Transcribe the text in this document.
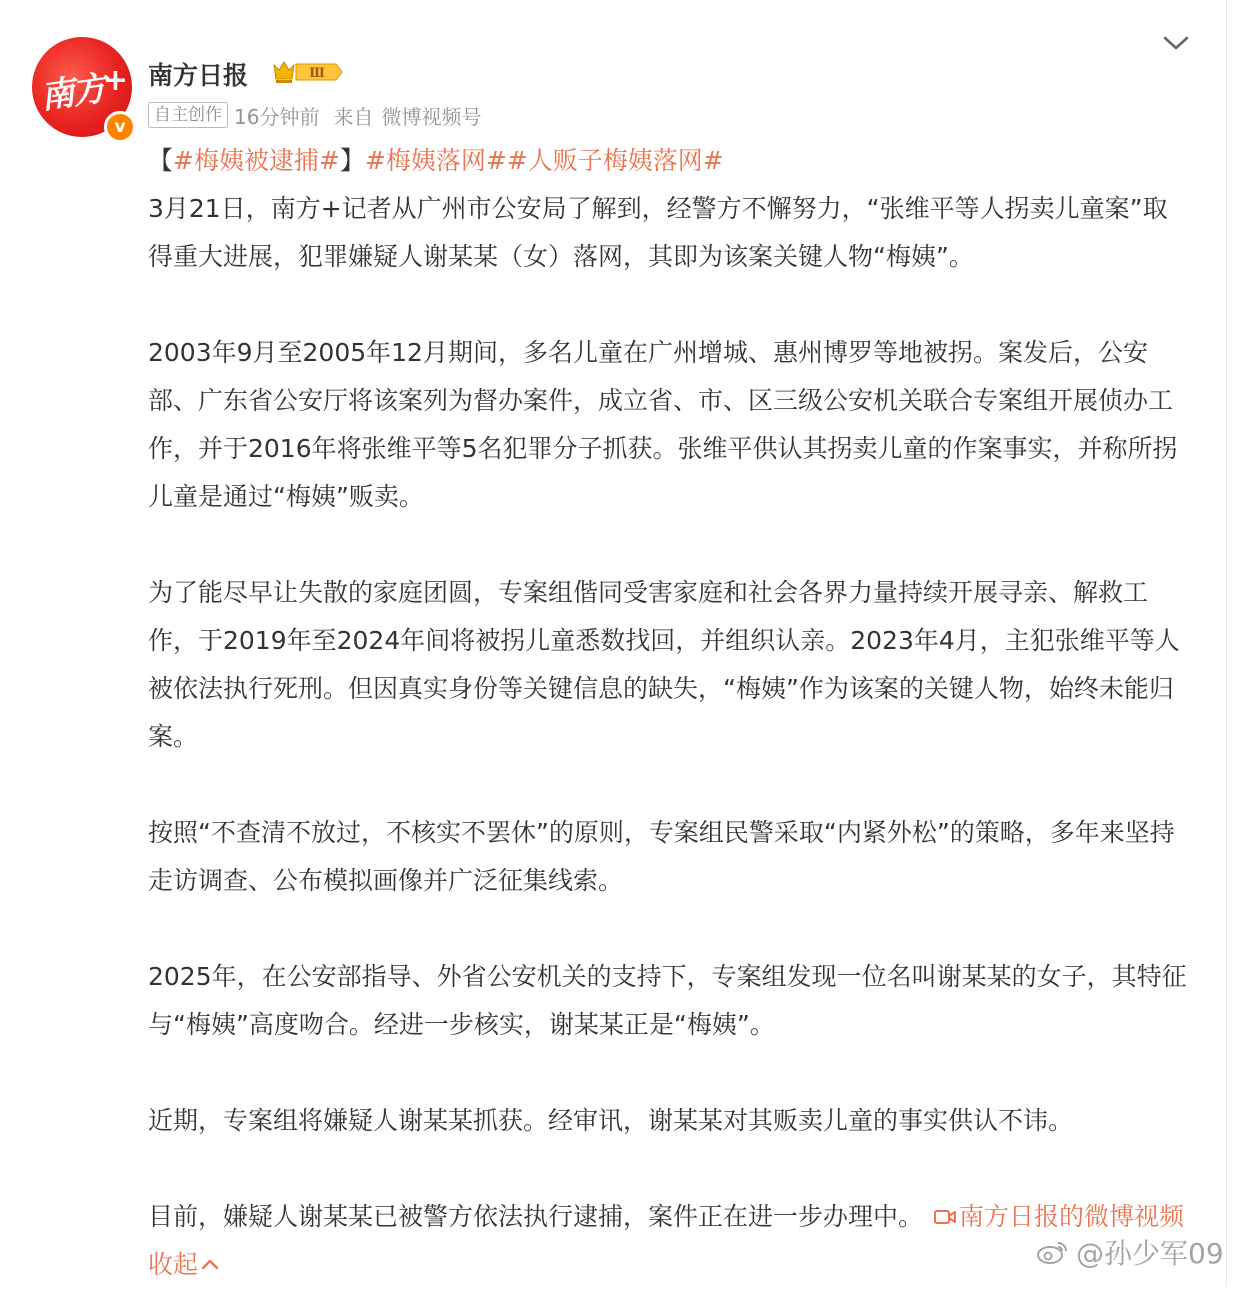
南方
+
v
南方日报	Ⅲ
自主创作 16分钟前 来自 微博视频号

【#梅姨被逮捕#】#梅姨落网##人贩子梅姨落网#

3月21日，南方+记者从广州市公安局了解到，经警方不懈努力，“张维平等人拐卖儿童案”取得重大进展，犯罪嫌疑人谢某某（女）落网，其即为该案关键人物“梅姨”。

2003年9月至2005年12月期间，多名儿童在广州增城、惠州博罗等地被拐。案发后，公安部、广东省公安厅将该案列为督办案件，成立省、市、区三级公安机关联合专案组开展侦办工作，并于2016年将张维平等5名犯罪分子抓获。张维平供认其拐卖儿童的作案事实，并称所拐儿童是通过“梅姨”贩卖。

为了能尽早让失散的家庭团圆，专案组偕同受害家庭和社会各界力量持续开展寻亲、解救工作，于2019年至2024年间将被拐儿童悉数找回，并组织认亲。2023年4月，主犯张维平等人被依法执行死刑。但因真实身份等关键信息的缺失，“梅姨”作为该案的关键人物，始终未能归案。

按照“不查清不放过，不核实不罢休”的原则，专案组民警采取“内紧外松”的策略，多年来坚持走访调查、公布模拟画像并广泛征集线索。

2025年，在公安部指导、外省公安机关的支持下，专案组发现一位名叫谢某某的女子，其特征与“梅姨”高度吻合。经进一步核实，谢某某正是“梅姨”。

近期，专案组将嫌疑人谢某某抓获。经审讯，谢某某对其贩卖儿童的事实供认不讳。

目前，嫌疑人谢某某已被警方依法执行逮捕，案件正在进一步办理中。 南方日报的微博视频 收起	@孙少军09
